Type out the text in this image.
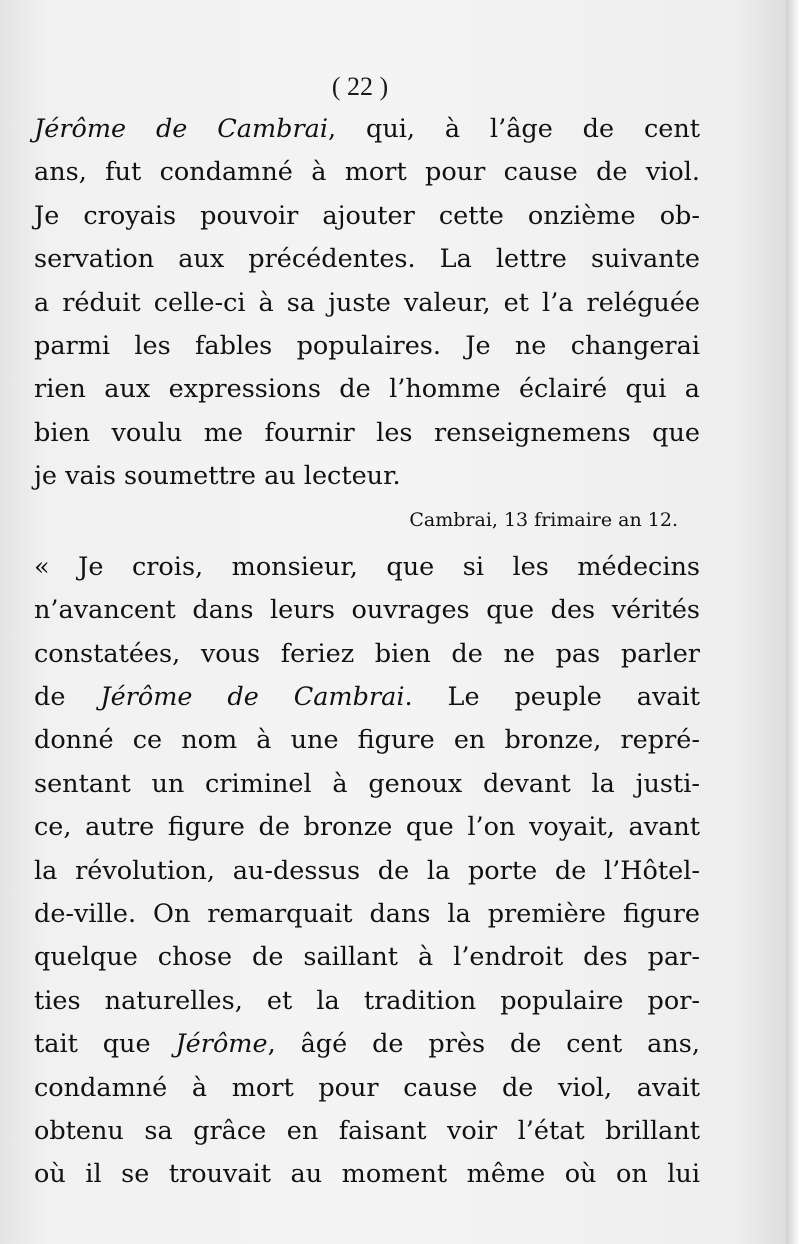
( 22 )
Jérôme de Cambrai, qui, à l’âge de cent
ans, fut condamné à mort pour cause de viol.
Je croyais pouvoir ajouter cette onzième ob-
servation aux précédentes. La lettre suivante
a réduit celle-ci à sa juste valeur, et l’a reléguée
parmi les fables populaires. Je ne changerai
rien aux expressions de l’homme éclairé qui a
bien voulu me fournir les renseignemens que
je vais soumettre au lecteur.
Cambrai, 13 frimaire an 12.
« Je crois, monsieur, que si les médecins
n’avancent dans leurs ouvrages que des vérités
constatées, vous feriez bien de ne pas parler
de Jérôme de Cambrai. Le peuple avait
donné ce nom à une figure en bronze, repré-
sentant un criminel à genoux devant la justi-
ce, autre figure de bronze que l’on voyait, avant
la révolution, au-dessus de la porte de l’Hôtel-
de-ville. On remarquait dans la première figure
quelque chose de saillant à l’endroit des par-
ties naturelles, et la tradition populaire por-
tait que Jérôme, âgé de près de cent ans,
condamné à mort pour cause de viol, avait
obtenu sa grâce en faisant voir l’état brillant
où il se trouvait au moment même où on lui
